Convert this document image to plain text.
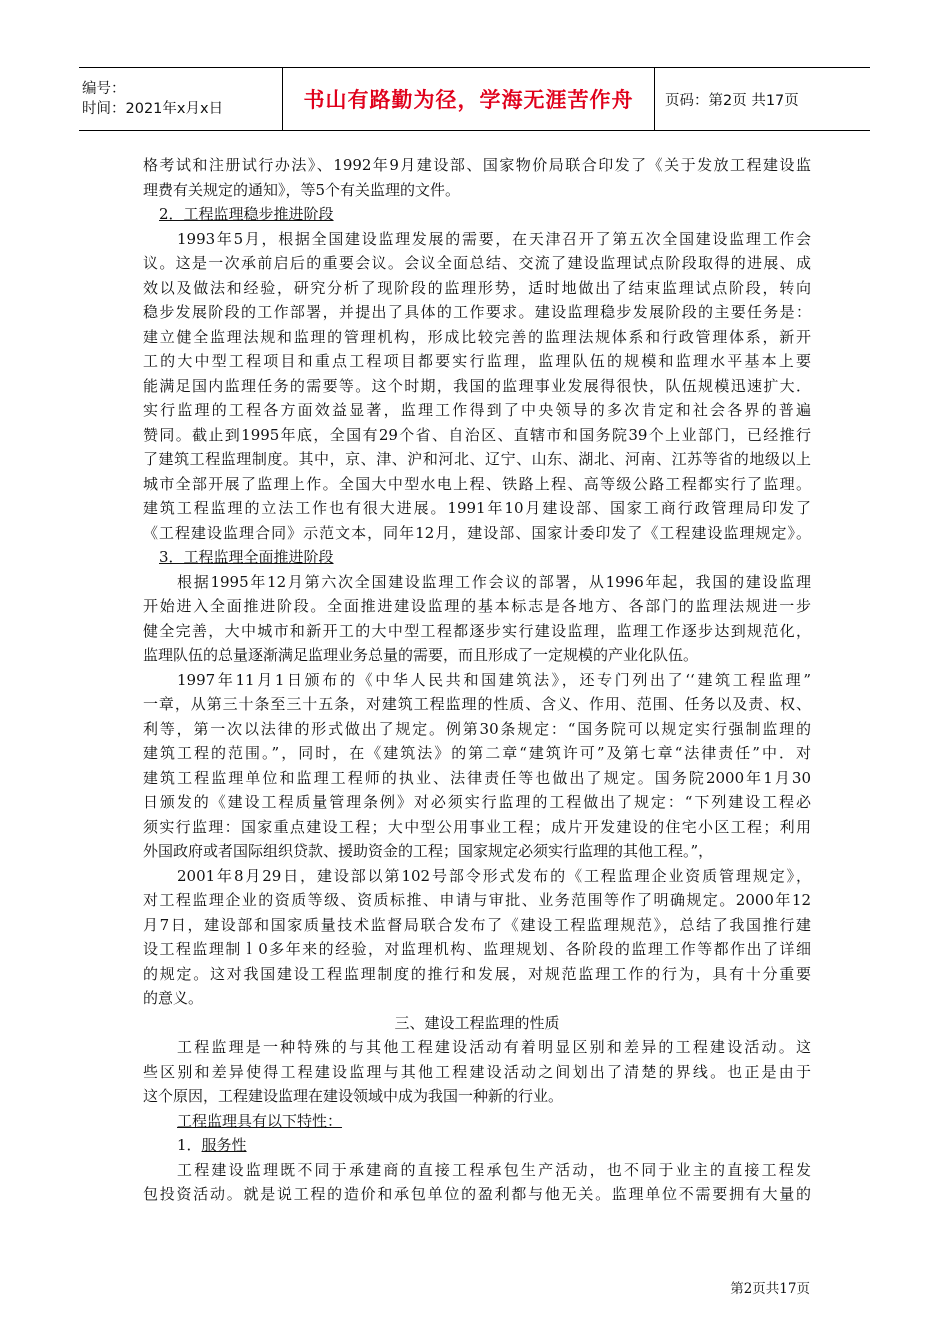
编号：
时间：2021年x月x日	书山有路勤为径，学海无涯苦作舟	页码：第2页 共17页
格考试和注册试行办法》、1992年9月建设部、国家物价局联合印发了《关于发放工程建设监
理费有关规定的通知》，等5个有关监理的文件。
2．工程监理稳步推进阶段
1993年5月，根据全国建设监理发展的需要，在天津召开了第五次全国建设监理工作会
议。这是一次承前启后的重要会议。会议全面总结、交流了建设监理试点阶段取得的进展、成
效以及做法和经验，研究分析了现阶段的监理形势，适时地做出了结束监理试点阶段，转向
稳步发展阶段的工作部署，并提出了具体的工作要求。建设监理稳步发展阶段的主要任务是：
建立健全监理法规和监理的管理机构，形成比较完善的监理法规体系和行政管理体系，新开
工的大中型工程项目和重点工程项目都要实行监理，监理队伍的规模和监理水平基本上要
能满足国内监理任务的需要等。这个时期，我国的监理事业发展得很快，队伍规模迅速扩大．
实行监理的工程各方面效益显著，监理工作得到了中央领导的多次肯定和社会各界的普遍
赞同。截止到1995年底，全国有29个省、自治区、直辖市和国务院39个上业部门，已经推行
了建筑工程监理制度。其中，京、津、沪和河北、辽宁、山东、湖北、河南、江苏等省的地级以上
城市全部开展了监理上作。全国大中型水电上程、铁路上程、高等级公路工程都实行了监理。
建筑工程监理的立法工作也有很大进展。1991年10月建设部、国家工商行政管理局印发了
《工程建设监理合同》示范文本，同年12月，建设部、国家计委印发了《工程建设监理规定》。
3．工程监理全面推进阶段
根据1995年12月第六次全国建设监理工作会议的部署，从1996年起，我国的建设监理
开始进入全面推进阶段。全面推进建设监理的基本标志是各地方、各部门的监理法规进一步
健全完善，大中城市和新开工的大中型工程都逐步实行建设监理，监理工作逐步达到规范化，
监理队伍的总量逐渐满足监理业务总量的需要，而且形成了一定规模的产业化队伍。
1997年11月1日颁布的《中华人民共和国建筑法》，还专门列出了‘‘建筑工程监理”
一章，从第三十条至三十五条，对建筑工程监理的性质、含义、作用、范围、任务以及责、权、
利等，第一次以法律的形式做出了规定。例第30条规定：“国务院可以规定实行强制监理的
建筑工程的范围。”，同时，在《建筑法》的第二章“建筑许可”及第七章“法律责任”中．对
建筑工程监理单位和监理工程师的执业、法律责任等也做出了规定。国务院2000年1月30
日颁发的《建设工程质量管理条例》对必须实行监理的工程做出了规定：“下列建设工程必
须实行监理：国家重点建设工程；大中型公用事业工程；成片开发建设的住宅小区工程；利用
外国政府或者国际组织贷款、援助资金的工程；国家规定必须实行监理的其他工程。”，
2001年8月29日，建设部以第102号部令形式发布的《工程监理企业资质管理规定》，
对工程监理企业的资质等级、资质标推、申请与审批、业务范围等作了明确规定。2000年12
月7日，建设部和国家质量技术监督局联合发布了《建设工程监理规范》，总结了我国推行建
设工程监理制ｌ0多年来的经验，对监理机构、监理规划、各阶段的监理工作等都作出了详细
的规定。这对我国建设工程监理制度的推行和发展，对规范监理工作的行为，具有十分重要
的意义。
三、建设工程监理的性质
工程监理是一种特殊的与其他工程建设活动有着明显区别和差异的工程建设活动。这
些区别和差异使得工程建设监理与其他工程建设活动之间划出了清楚的界线。也正是由于
这个原因，工程建设监理在建设领域中成为我国一种新的行业。
工程监理具有以下特性：
1．服务性
工程建设监理既不同于承建商的直接工程承包生产活动，也不同于业主的直接工程发
包投资活动。就是说工程的造价和承包单位的盈利都与他无关。监理单位不需要拥有大量的
第2页共17页
